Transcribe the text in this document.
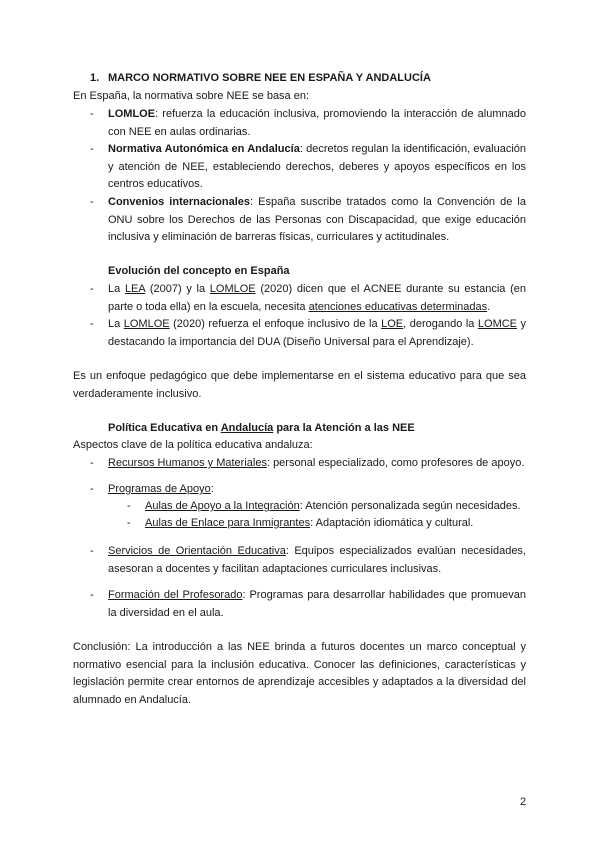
1. MARCO NORMATIVO SOBRE NEE EN ESPAÑA Y ANDALUCÍA

En España, la normativa sobre NEE se basa en:

- LOMLOE: refuerza la educación inclusiva, promoviendo la interacción de alumnado con NEE en aulas ordinarias.

- Normativa Autonómica en Andalucía: decretos regulan la identificación, evaluación y atención de NEE, estableciendo derechos, deberes y apoyos específicos en los centros educativos.

- Convenios internacionales: España suscribe tratados como la Convención de la ONU sobre los Derechos de las Personas con Discapacidad, que exige educación inclusiva y eliminación de barreras físicas, curriculares y actitudinales.

Evolución del concepto en España

- La LEA (2007) y la LOMLOE (2020) dicen que el ACNEE durante su estancia (en parte o toda ella) en la escuela, necesita atenciones educativas determinadas.

- La LOMLOE (2020) refuerza el enfoque inclusivo de la LOE, derogando la LOMCE y destacando la importancia del DUA (Diseño Universal para el Aprendizaje).

Es un enfoque pedagógico que debe implementarse en el sistema educativo para que sea verdaderamente inclusivo.

Política Educativa en Andalucía para la Atención a las NEE

Aspectos clave de la política educativa andaluza:

- Recursos Humanos y Materiales: personal especializado, como profesores de apoyo.

- Programas de Apoyo:

- Aulas de Apoyo a la Integración: Atención personalizada según necesidades.

- Aulas de Enlace para Inmigrantes: Adaptación idiomática y cultural.

- Servicios de Orientación Educativa: Equipos especializados evalúan necesidades, asesoran a docentes y facilitan adaptaciones curriculares inclusivas.

- Formación del Profesorado: Programas para desarrollar habilidades que promuevan la diversidad en el aula.

Conclusión: La introducción a las NEE brinda a futuros docentes un marco conceptual y normativo esencial para la inclusión educativa. Conocer las definiciones, características y legislación permite crear entornos de aprendizaje accesibles y adaptados a la diversidad del alumnado en Andalucía.

2
